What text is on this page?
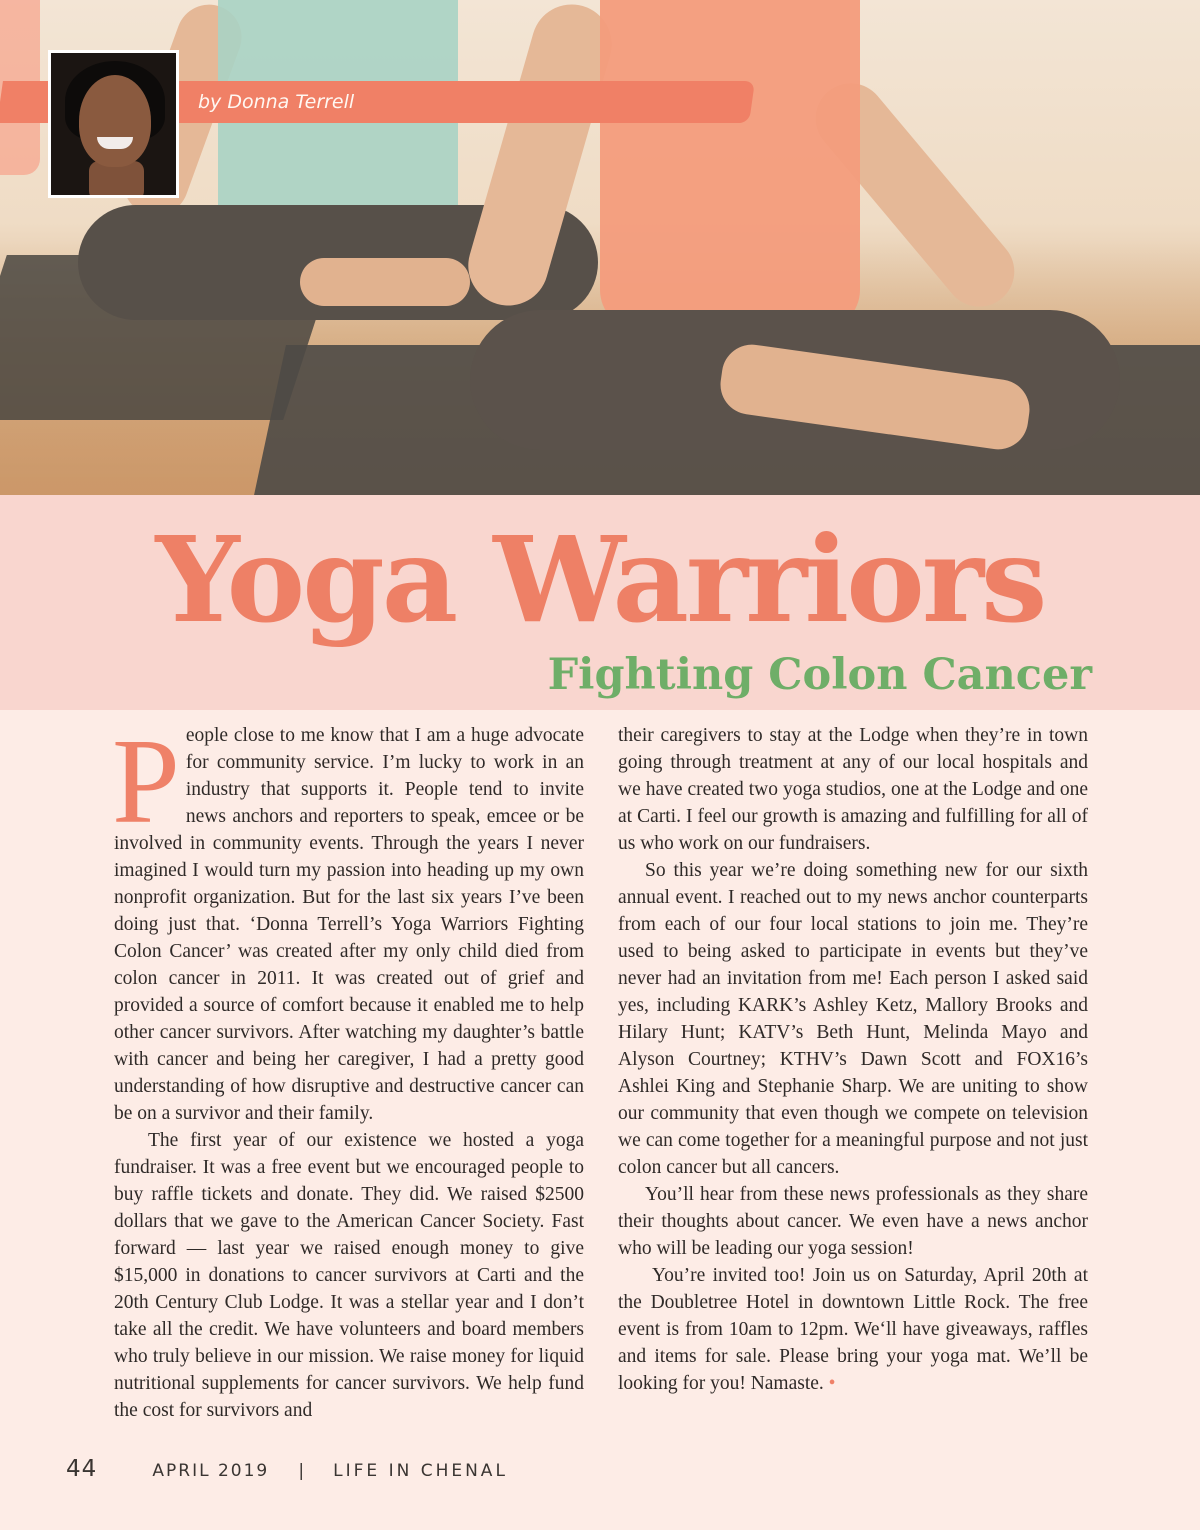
by Donna Terrell
Yoga Warriors
Fighting Colon Cancer

People close to me know that I am a huge advocate for community service. I’m lucky to work in an industry that supports it. People tend to invite news anchors and reporters to speak, emcee or be involved in community events. Through the years I never imagined I would turn my passion into heading up my own nonprofit organization. But for the last six years I’ve been doing just that. ‘Donna Terrell’s Yoga Warriors Fighting Colon Cancer’ was created after my only child died from colon cancer in 2011. It was created out of grief and provided a source of comfort because it enabled me to help other cancer survivors. After watching my daughter’s battle with cancer and being her caregiver, I had a pretty good understanding of how disruptive and destructive cancer can be on a survivor and their family.

The first year of our existence we hosted a yoga fundraiser. It was a free event but we encouraged people to buy raffle tickets and donate. They did. We raised $2500 dollars that we gave to the American Cancer Society. Fast forward — last year we raised enough money to give $15,000 in donations to cancer survivors at Carti and the 20th Century Club Lodge. It was a stellar year and I don’t take all the credit. We have volunteers and board members who truly believe in our mission. We raise money for liquid nutritional supplements for cancer survivors. We help fund the cost for survivors and

their caregivers to stay at the Lodge when they’re in town going through treatment at any of our local hospitals and we have created two yoga studios, one at the Lodge and one at Carti. I feel our growth is amazing and fulfilling for all of us who work on our fundraisers.

So this year we’re doing something new for our sixth annual event. I reached out to my news anchor counterparts from each of our four local stations to join me. They’re used to being asked to participate in events but they’ve never had an invitation from me! Each person I asked said yes, including KARK’s Ashley Ketz, Mallory Brooks and Hilary Hunt; KATV’s Beth Hunt, Melinda Mayo and Alyson Courtney; KTHV’s Dawn Scott and FOX16’s Ashlei King and Stephanie Sharp. We are uniting to show our community that even though we compete on television we can come together for a meaningful purpose and not just colon cancer but all cancers.

You’ll hear from these news professionals as they share their thoughts about cancer. We even have a news anchor who will be leading our yoga session!

You’re invited too! Join us on Saturday, April 20th at the Doubletree Hotel in downtown Little Rock. The free event is from 10am to 12pm. We‘ll have giveaways, raffles and items for sale. Please bring your yoga mat. We’ll be looking for you! Namaste. •

44	APRIL 2019 | LIFE IN CHENAL
